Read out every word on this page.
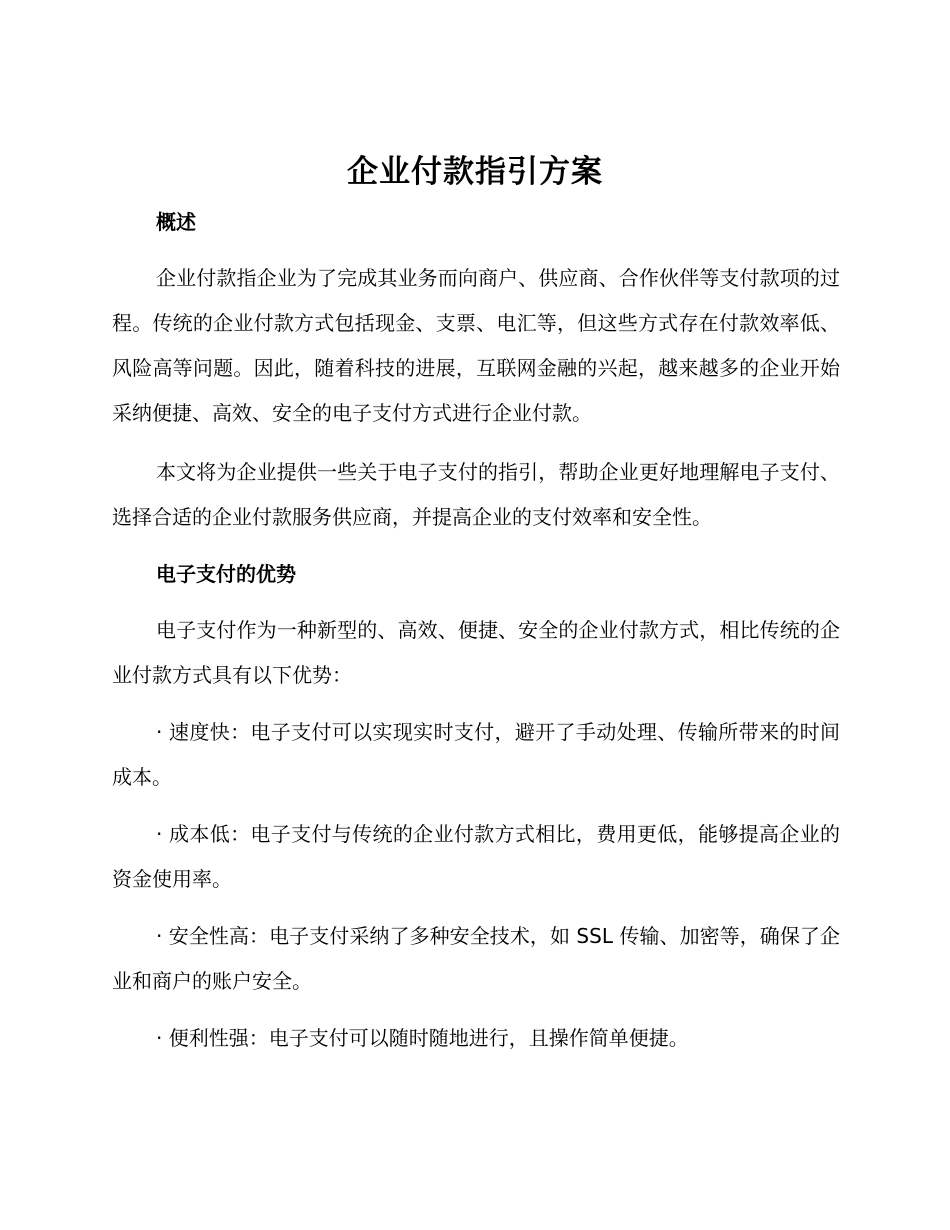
企业付款指引方案
概述

企业付款指企业为了完成其业务而向商户、供应商、合作伙伴等支付款项的过程。传统的企业付款方式包括现金、支票、电汇等，但这些方式存在付款效率低、风险高等问题。因此，随着科技的进展，互联网金融的兴起，越来越多的企业开始采纳便捷、高效、安全的电子支付方式进行企业付款。

本文将为企业提供一些关于电子支付的指引，帮助企业更好地理解电子支付、选择合适的企业付款服务供应商，并提高企业的支付效率和安全性。

电子支付的优势

电子支付作为一种新型的、高效、便捷、安全的企业付款方式，相比传统的企业付款方式具有以下优势：

· 速度快：电子支付可以实现实时支付，避开了手动处理、传输所带来的时间成本。

· 成本低：电子支付与传统的企业付款方式相比，费用更低，能够提高企业的资金使用率。

· 安全性高：电子支付采纳了多种安全技术，如 SSL 传输、加密等，确保了企业和商户的账户安全。

· 便利性强：电子支付可以随时随地进行，且操作简单便捷。
